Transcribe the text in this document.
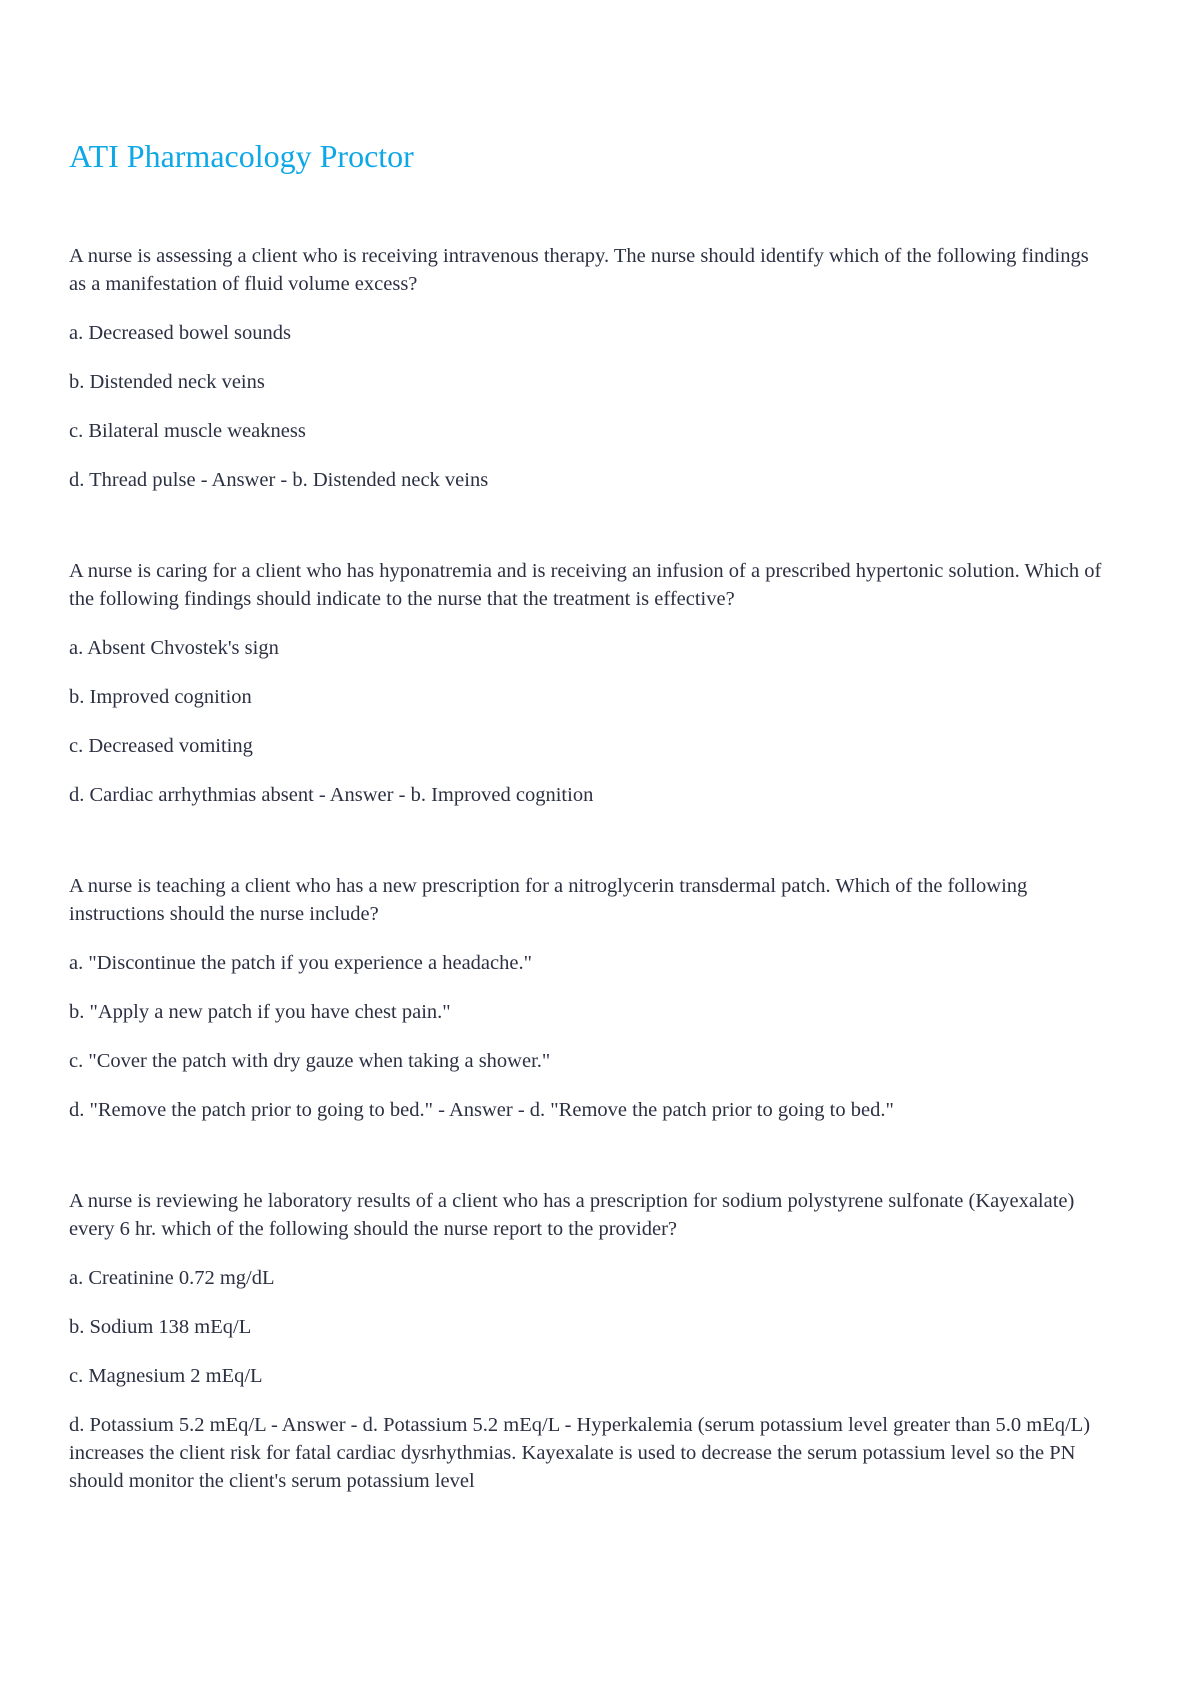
ATI Pharmacology Proctor

A nurse is assessing a client who is receiving intravenous therapy. The nurse should identify which of the following findings as a manifestation of fluid volume excess?

a. Decreased bowel sounds

b. Distended neck veins

c. Bilateral muscle weakness

d. Thread pulse - Answer - b. Distended neck veins

A nurse is caring for a client who has hyponatremia and is receiving an infusion of a prescribed hypertonic solution. Which of the following findings should indicate to the nurse that the treatment is effective?

a. Absent Chvostek's sign

b. Improved cognition

c. Decreased vomiting

d. Cardiac arrhythmias absent - Answer - b. Improved cognition

A nurse is teaching a client who has a new prescription for a nitroglycerin transdermal patch. Which of the following instructions should the nurse include?

a. "Discontinue the patch if you experience a headache."

b. "Apply a new patch if you have chest pain."

c. "Cover the patch with dry gauze when taking a shower."

d. "Remove the patch prior to going to bed." - Answer - d. "Remove the patch prior to going to bed."

A nurse is reviewing he laboratory results of a client who has a prescription for sodium polystyrene sulfonate (Kayexalate) every 6 hr. which of the following should the nurse report to the provider?

a. Creatinine 0.72 mg/dL

b. Sodium 138 mEq/L

c. Magnesium 2 mEq/L

d. Potassium 5.2 mEq/L - Answer - d. Potassium 5.2 mEq/L - Hyperkalemia (serum potassium level greater than 5.0 mEq/L) increases the client risk for fatal cardiac dysrhythmias. Kayexalate is used to decrease the serum potassium level so the PN should monitor the client's serum potassium level
